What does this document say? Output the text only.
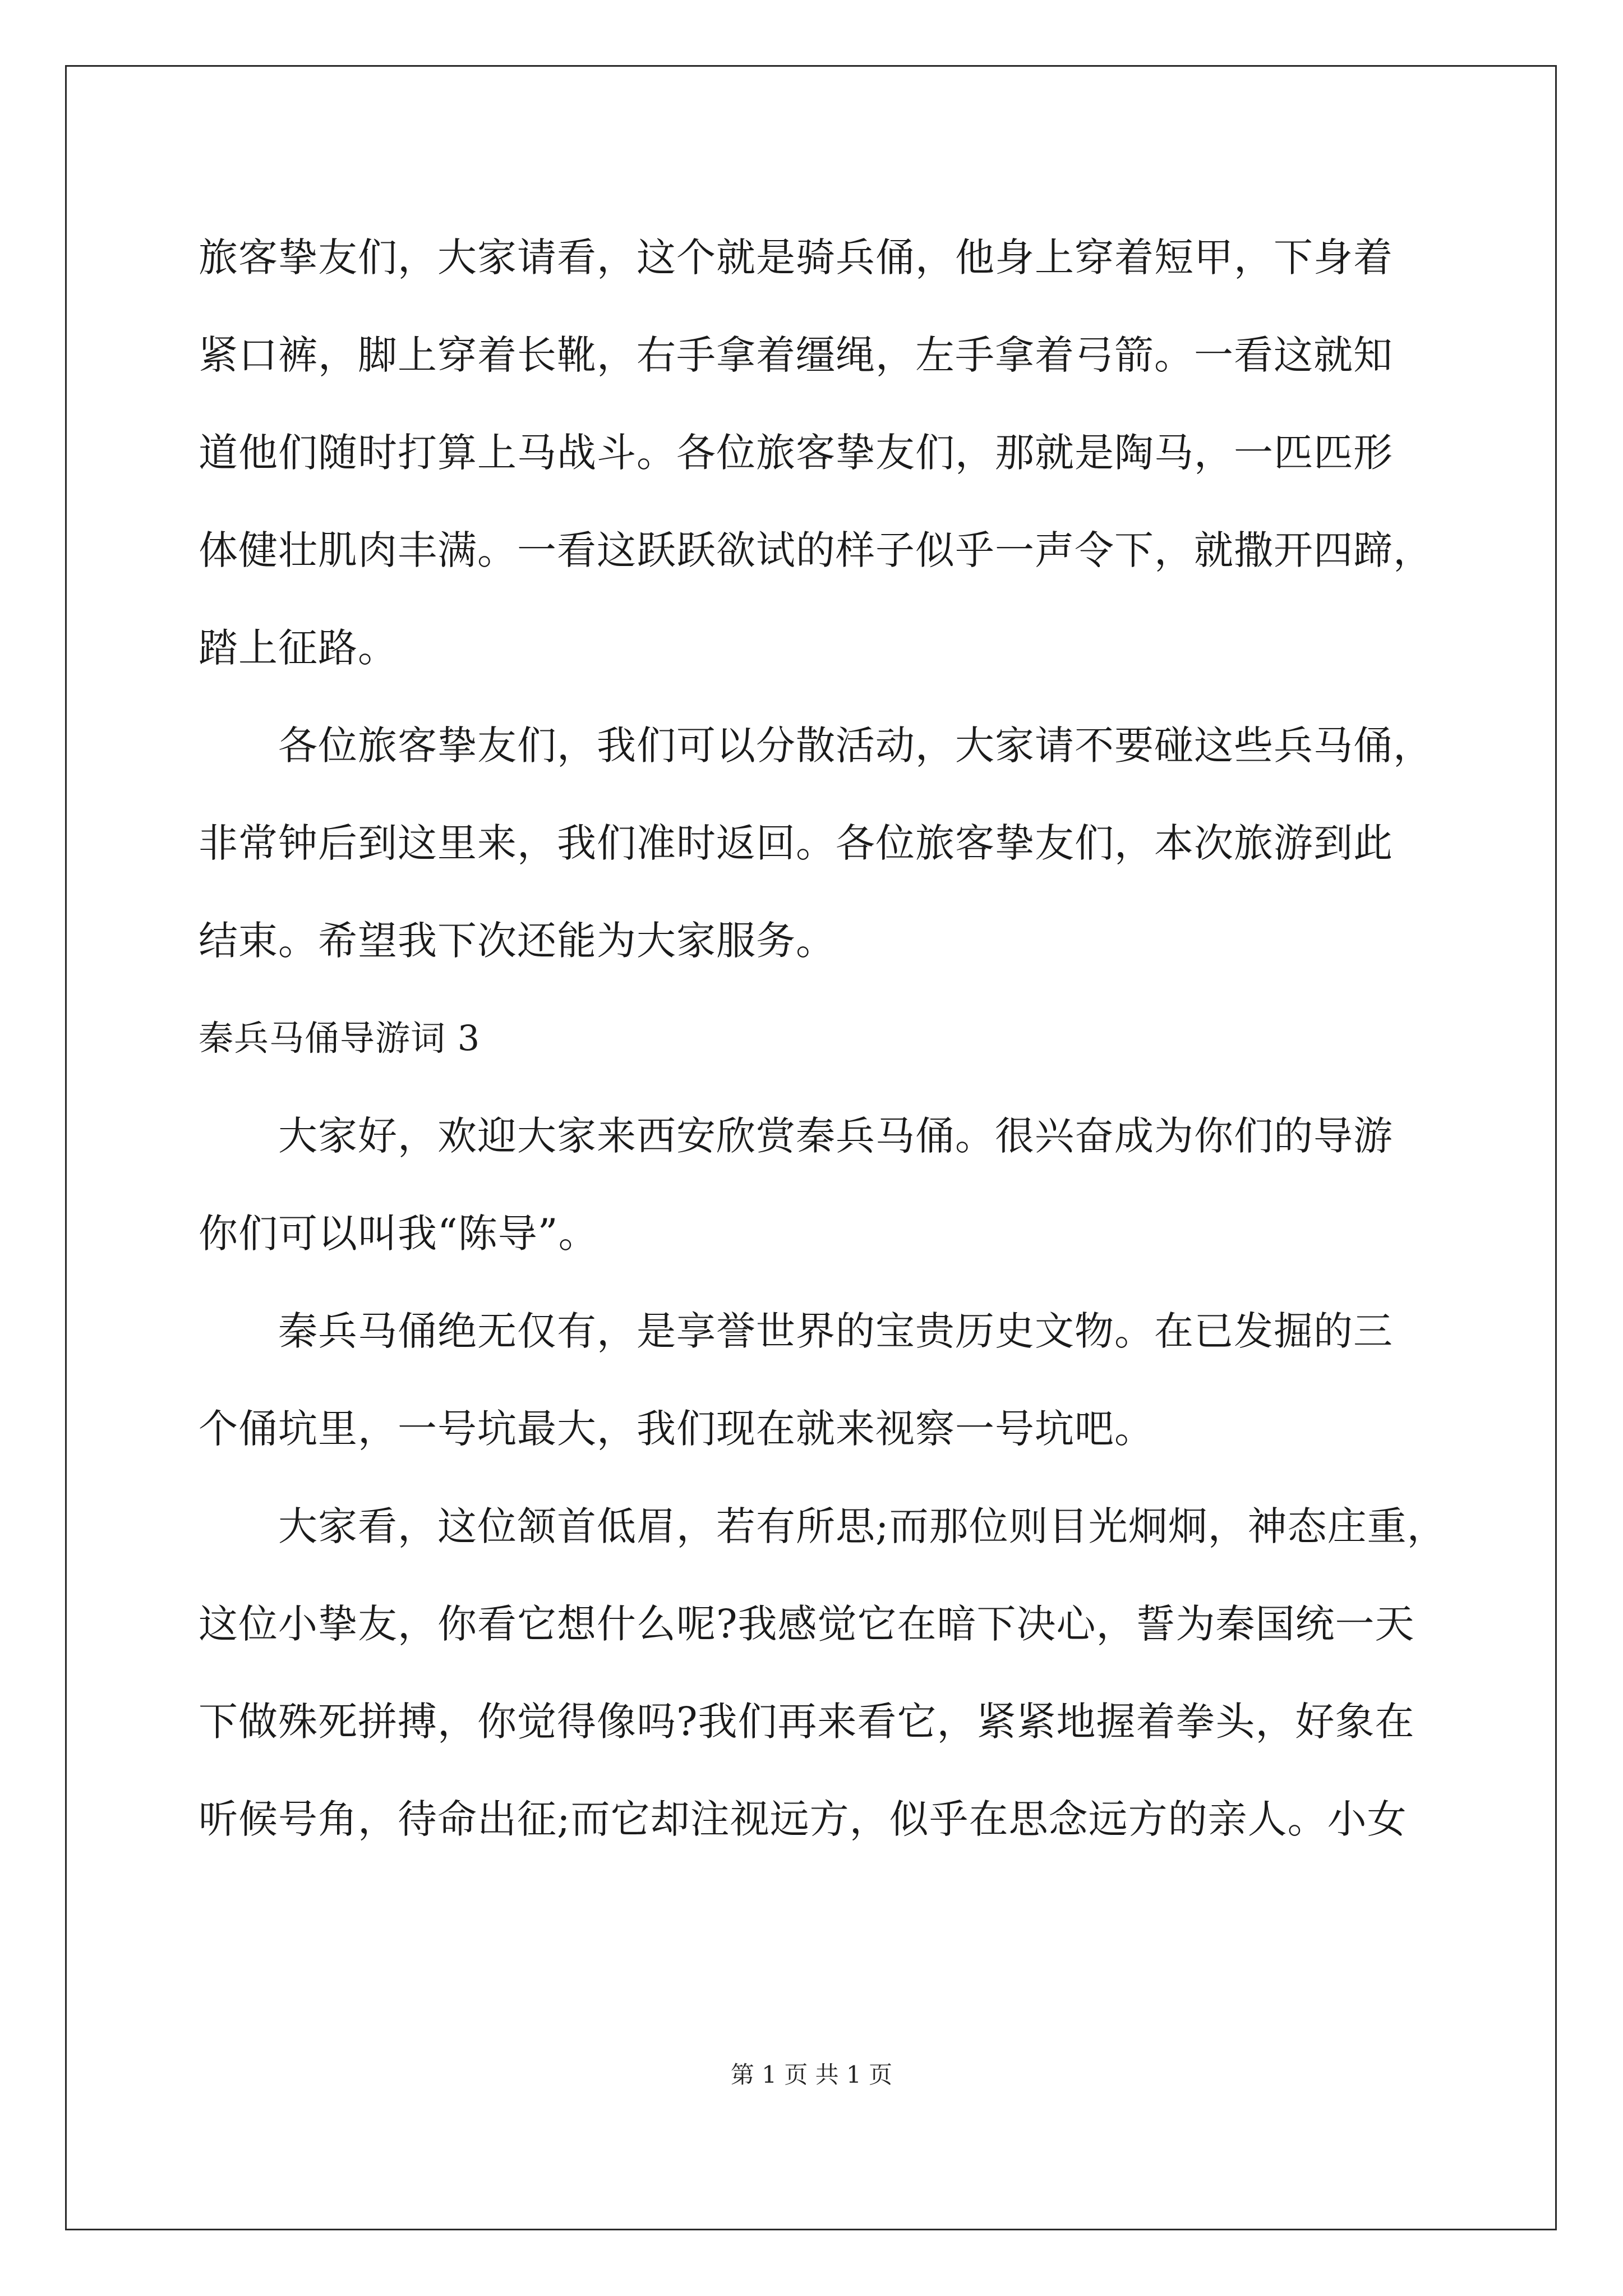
旅客挚友们，大家请看，这个就是骑兵俑，他身上穿着短甲，下身着
紧口裤，脚上穿着长靴，右手拿着缰绳，左手拿着弓箭。一看这就知
道他们随时打算上马战斗。各位旅客挚友们，那就是陶马，一匹匹形
体健壮肌肉丰满。一看这跃跃欲试的样子似乎一声令下，就撒开四蹄，
踏上征路。

各位旅客挚友们，我们可以分散活动，大家请不要碰这些兵马俑，
非常钟后到这里来，我们准时返回。各位旅客挚友们，本次旅游到此
结束。希望我下次还能为大家服务。

秦兵马俑导游词 3

大家好，欢迎大家来西安欣赏秦兵马俑。很兴奋成为你们的导游
你们可以叫我“陈导”。

秦兵马俑绝无仅有，是享誉世界的宝贵历史文物。在已发掘的三
个俑坑里，一号坑最大，我们现在就来视察一号坑吧。

大家看，这位颔首低眉，若有所思;而那位则目光炯炯，神态庄重，
这位小挚友，你看它想什么呢?我感觉它在暗下决心，誓为秦国统一天
下做殊死拼搏，你觉得像吗?我们再来看它，紧紧地握着拳头，好象在
听候号角，待命出征;而它却注视远方，似乎在思念远方的亲人。小女

第 1 页 共 1 页
